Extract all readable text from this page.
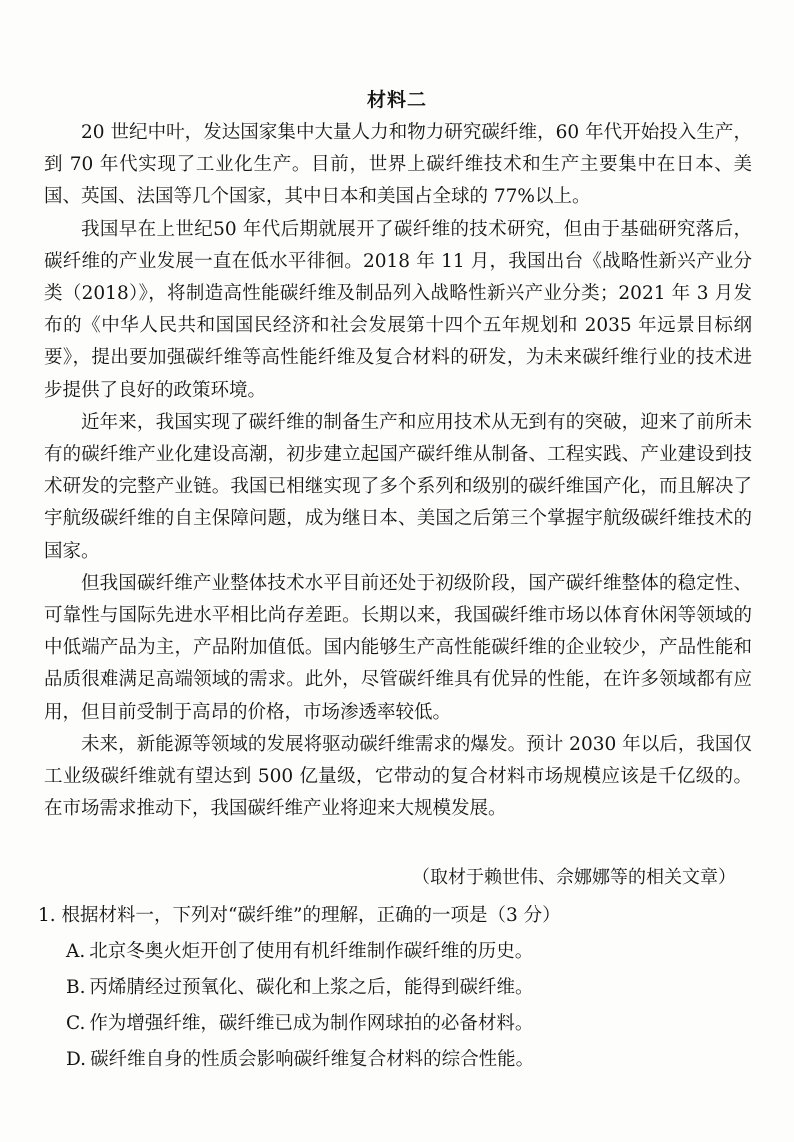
材料二

20 世纪中叶，发达国家集中大量人力和物力研究碳纤维，60 年代开始投入生产，到 70 年代实现了工业化生产。目前，世界上碳纤维技术和生产主要集中在日本、美国、英国、法国等几个国家，其中日本和美国占全球的 77%以上。

我国早在上世纪50 年代后期就展开了碳纤维的技术研究，但由于基础研究落后，碳纤维的产业发展一直在低水平徘徊。2018 年 11 月，我国出台《战略性新兴产业分类（2018）》，将制造高性能碳纤维及制品列入战略性新兴产业分类；2021 年 3 月发布的《中华人民共和国国民经济和社会发展第十四个五年规划和 2035 年远景目标纲要》，提出要加强碳纤维等高性能纤维及复合材料的研发，为未来碳纤维行业的技术进步提供了良好的政策环境。

近年来，我国实现了碳纤维的制备生产和应用技术从无到有的突破，迎来了前所未有的碳纤维产业化建设高潮，初步建立起国产碳纤维从制备、工程实践、产业建设到技术研发的完整产业链。我国已相继实现了多个系列和级别的碳纤维国产化，而且解决了宇航级碳纤维的自主保障问题，成为继日本、美国之后第三个掌握宇航级碳纤维技术的国家。

但我国碳纤维产业整体技术水平目前还处于初级阶段，国产碳纤维整体的稳定性、可靠性与国际先进水平相比尚存差距。长期以来，我国碳纤维市场以体育休闲等领域的中低端产品为主，产品附加值低。国内能够生产高性能碳纤维的企业较少，产品性能和品质很难满足高端领域的需求。此外，尽管碳纤维具有优异的性能，在许多领域都有应用，但目前受制于高昂的价格，市场渗透率较低。

未来，新能源等领域的发展将驱动碳纤维需求的爆发。预计 2030 年以后，我国仅工业级碳纤维就有望达到 500 亿量级，它带动的复合材料市场规模应该是千亿级的。在市场需求推动下，我国碳纤维产业将迎来大规模发展。

（取材于赖世伟、佘娜娜等的相关文章）
1. 根据材料一，下列对“碳纤维”的理解，正确的一项是（3 分）
A. 北京冬奥火炬开创了使用有机纤维制作碳纤维的历史。
B. 丙烯腈经过预氧化、碳化和上浆之后，能得到碳纤维。
C. 作为增强纤维，碳纤维已成为制作网球拍的必备材料。
D. 碳纤维自身的性质会影响碳纤维复合材料的综合性能。
